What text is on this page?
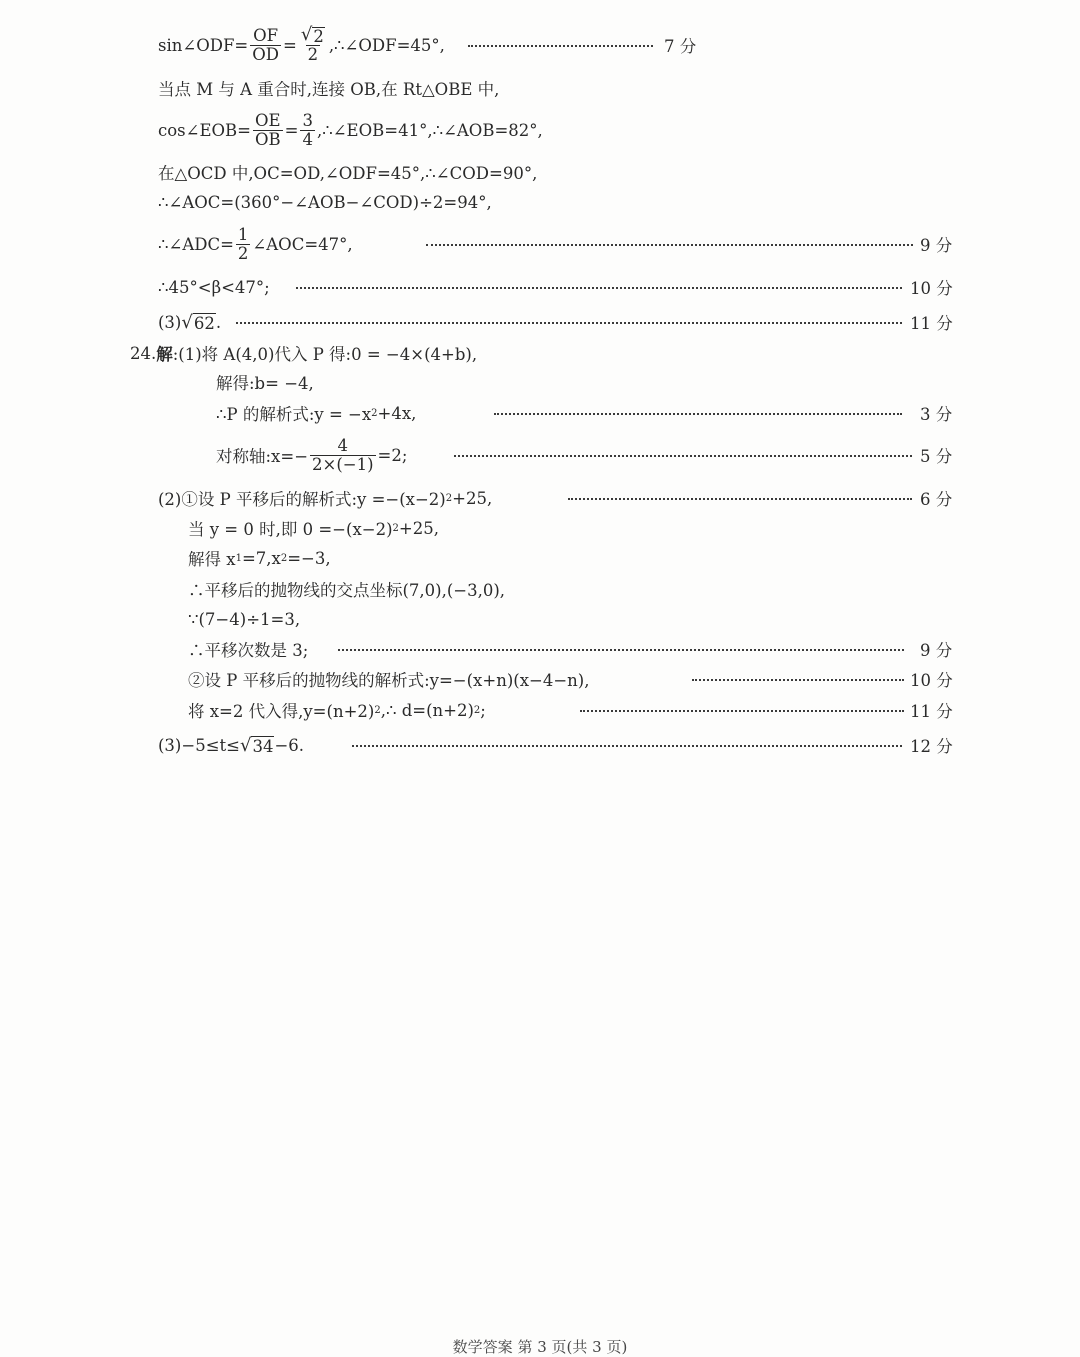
sin∠ODF= $\frac{OF}{OD} = \frac{√ 2}{2}$ ,∴∠ODF=45°,	7 分
当点 M 与 A 重合时,连接 OB,在 Rt△OBE 中,
cos∠EOB= $\frac{OE}{OB} = \frac{3}{4}$ ,∴∠EOB=41°,∴∠AOB=82°,
在△OCD 中,OC=OD,∠ODF=45°,∴∠COD=90°,
∴∠AOC=(360°−∠AOB−∠COD)÷2=94°,
∴∠ADC= $\frac{1}{2}$ ∠AOC=47°,	9 分
∴45°<β<47°;	10 分
(3) √ 62 .	11 分
24. 解 :(1)将 A(4,0)代入 P 得:0 = −4×(4+b),
解得:b= −4,
∴P 的解析式:y = −x 2 +4x,	3 分
对称轴:x=− $\frac{4}{2\times(-1)} =2$;	5 分
(2)①设 P 平移后的解析式:y =−(x−2) 2 +25,	6 分
当 y = 0 时,即 0 =−(x−2) 2 +25,
解得 x 1 =7,x 2 =−3,
∴平移后的抛物线的交点坐标(7,0),(−3,0),
∵(7−4)÷1=3,
∴平移次数是 3;	9 分
②设 P 平移后的抛物线的解析式:y=−(x+n)(x−4−n),	10 分
将 x=2 代入得,y=(n+2) 2 ,∴ d=(n+2) 2 ;	11 分
(3)−5≤t≤ √ 34 −6.	12 分
数学答案 第 3 页(共 3 页)
